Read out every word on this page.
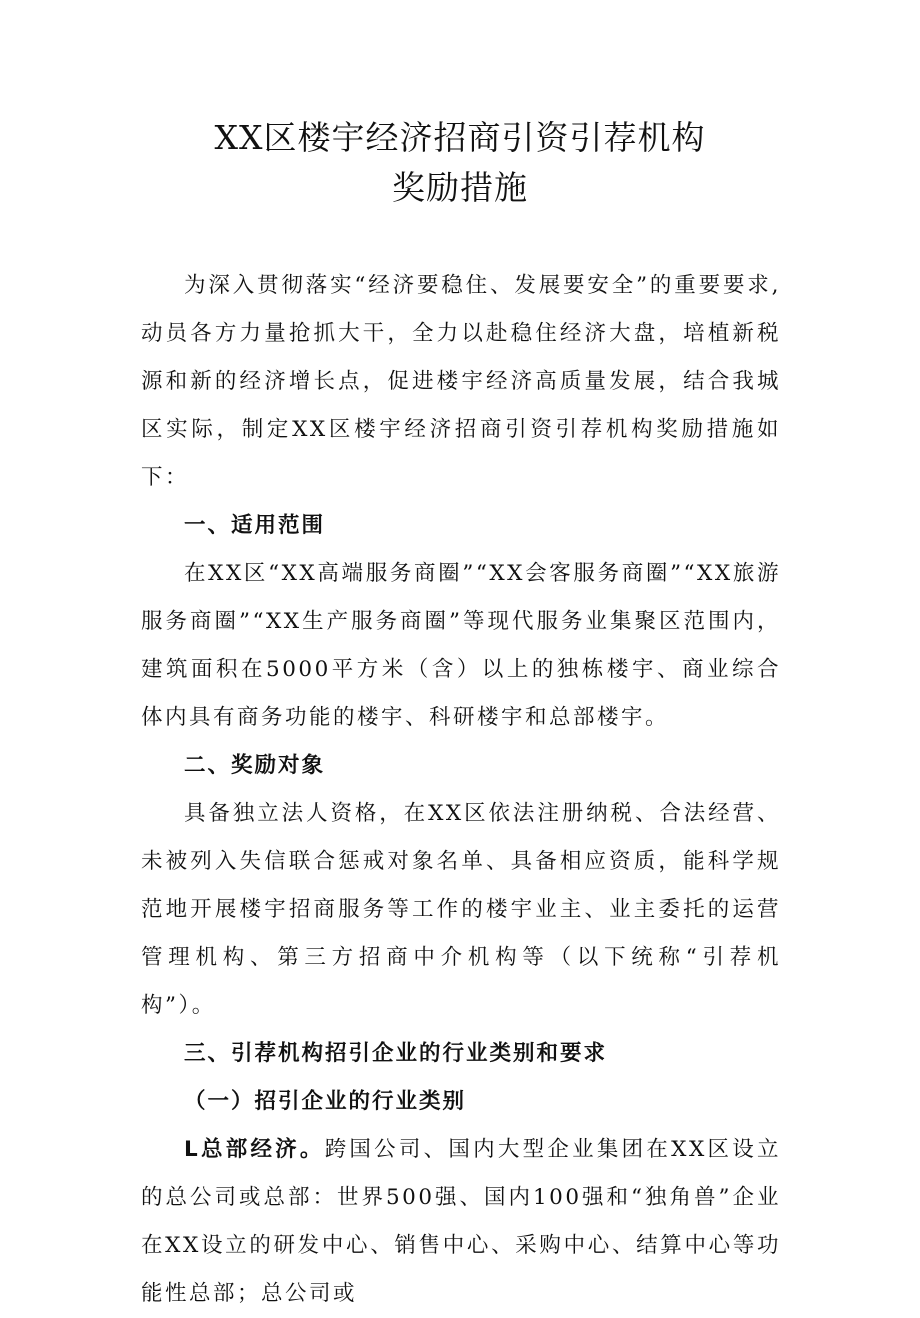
XX区楼宇经济招商引资引荐机构
奖励措施

为深入贯彻落实“经济要稳住、发展要安全”的重要要求,动员各方力量抢抓大干，全力以赴稳住经济大盘，培植新税源和新的经济增长点，促进楼宇经济高质量发展，结合我城区实际，制定XX区楼宇经济招商引资引荐机构奖励措施如下：

一、适用范围

在XX区“XX高端服务商圈”“XX会客服务商圈”“XX旅游服务商圈”“XX生产服务商圈”等现代服务业集聚区范围内，建筑面积在5000平方米（含）以上的独栋楼宇、商业综合体内具有商务功能的楼宇、科研楼宇和总部楼宇。

二、奖励对象

具备独立法人资格，在XX区依法注册纳税、合法经营、未被列入失信联合惩戒对象名单、具备相应资质，能科学规范地开展楼宇招商服务等工作的楼宇业主、业主委托的运营管理机构、第三方招商中介机构等（以下统称“引荐机构”）。

三、引荐机构招引企业的行业类别和要求

（一）招引企业的行业类别

L总部经济。跨国公司、国内大型企业集团在XX区设立的总公司或总部：世界500强、国内100强和“独角兽”企业在XX设立的研发中心、销售中心、采购中心、结算中心等功能性总部；总公司或
